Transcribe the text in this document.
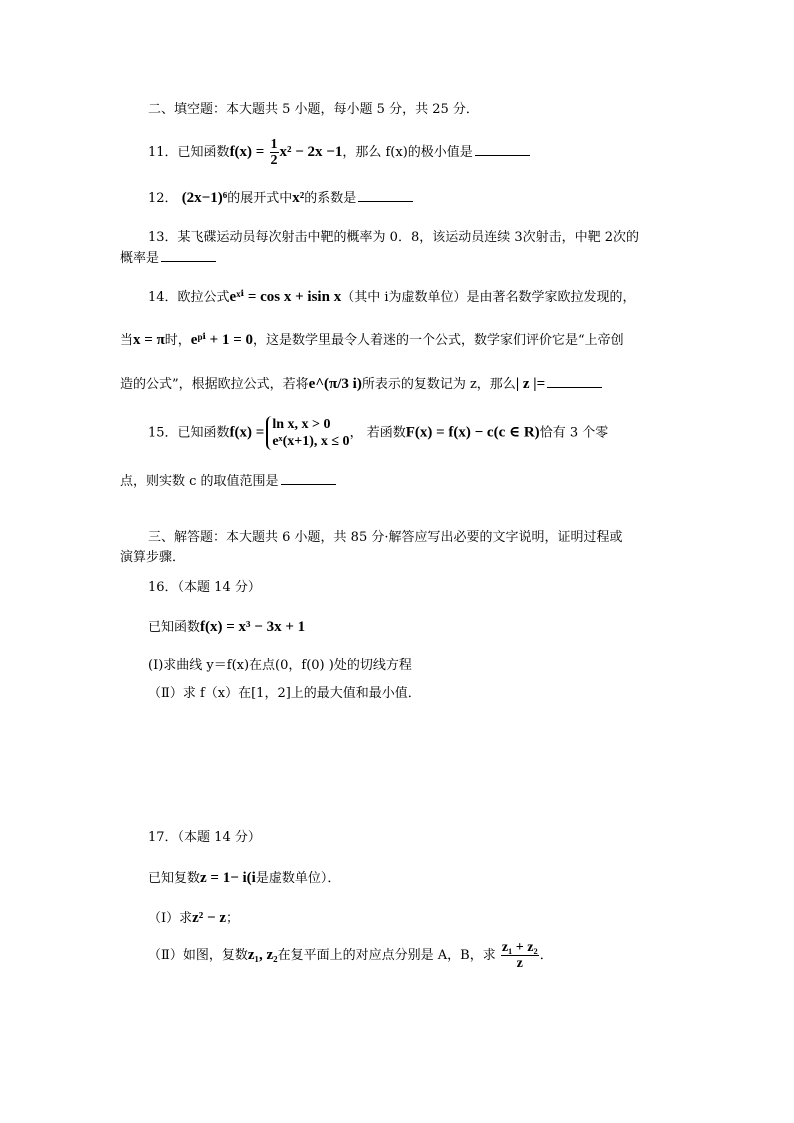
二、填空题：本大题共 5 小题，每小题 5 分，共 25 分．
11．已知函数$f(x) = \frac{1}{2} x^2 - 2x -1$，那么 f(x)的极小值是
12． (2x−1)⁶的展开式中x²的系数是
13．某飞碟运动员每次射击中靶的概率为 0．8，该运动员连续 3次射击，中靶 2次的
概率是
14．欧拉公式eˣⁱ = cos x + isin x（其中 i为虚数单位）是由著名数学家欧拉发现的，
当x = π时，eᵖⁱ + 1 = 0，这是数学里最令人着迷的一个公式，数学家们评价它是“上帝创
造的公式”，根据欧拉公式，若将e^(π/3 i)所表示的复数记为 z，那么| z |=
15．已知函数f(x) = ln x, x > 0
eˣ(x+1), x ≤ 0
， 若函数F(x) = f(x) − c(c ∈ R)恰有 3 个零
点，则实数 c 的取值范围是
三、解答题：本大题共 6 小题，共 85 分·解答应写出必要的文字说明，证明过程或
演算步骤．
16．（本题 14 分）
已知函数f(x) = x³ − 3x + 1
(Ⅰ)求曲线 y＝f(x)在点(0，f(0) )处的切线方程
（Ⅱ）求 f（x）在[1，2]上的最大值和最小值．
17．（本题 14 分）
已知复数z = 1− i(i是虚数单位）．
（Ⅰ）求z² − z；
（Ⅱ）如图，复数z₁, z₂在复平面上的对应点分别是 A，B，求 $\frac{\text{z₁ + z₂}}{z}$ ．
